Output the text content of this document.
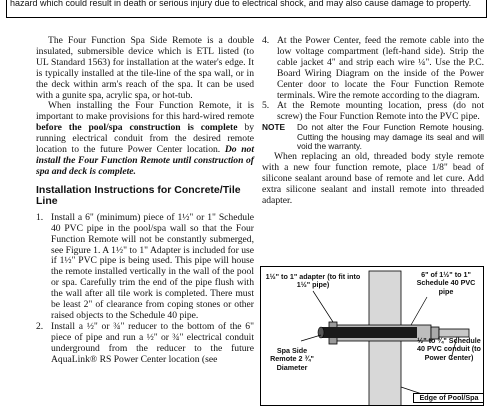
hazard which could result in death or serious injury due to electrical shock, and may also cause damage to property.

The Four Function Spa Side Remote is a double insulated, submersible device which is ETL listed (to UL Standard 1563) for installation at the water's edge. It is typically installed at the tile-line of the spa wall, or in the deck within arm's reach of the spa. It can be used with a gunite spa, acrylic spa, or hot-tub.

When installing the Four Function Remote, it is important to make provisions for this hard-wired remote before the pool/spa construction is complete by running electrical conduit from the desired remote location to the future Power Center location. Do not install the Four Function Remote until construction of spa and deck is complete.

Installation Instructions for Concrete/Tile Line

1. Install a 6" (minimum) piece of 1½" or 1" Schedule 40 PVC pipe in the pool/spa wall so that the Four Function Remote will not be constantly submerged, see Figure 1. A 1½" to 1" Adapter is included for use if 1½" PVC pipe is being used. This pipe will house the remote installed vertically in the wall of the pool or spa. Carefully trim the end of the pipe flush with the wall after all tile work is completed. There must be least 2" of clearance from coping stones or other raised objects to the Schedule 40 pipe.

2. Install a ½" or ¾" reducer to the bottom of the 6" piece of pipe and run a ½" or ¾" electrical conduit underground from the reducer to the future AquaLink® RS Power Center location (see

4. At the Power Center, feed the remote cable into the low voltage compartment (left-hand side). Strip the cable jacket 4" and strip each wire ¼". Use the P.C. Board Wiring Diagram on the inside of the Power Center door to locate the Four Function Remote terminals. Wire the remote according to the diagram.

5. At the Remote mounting location, press (do not screw) the Four Function Remote into the PVC pipe.

NOTE Do not alter the Four Function Remote housing. Cutting the housing may damage its seal and will void the warranty.

When replacing an old, threaded body style remote with a new four function remote, place 1/8" bead of silicone sealant around base of remote and let cure. Add extra silicone sealant and install remote into threaded adapter.

1½" to 1" adapter (to fit into 1½" pipe)
6" of 1½" to 1" Schedule 40 PVC pipe
Spa Side Remote 2 ¾" Diameter
½" to ¾" Schedule 40 PVC conduit (to Power Center)
Edge of Pool/Spa
